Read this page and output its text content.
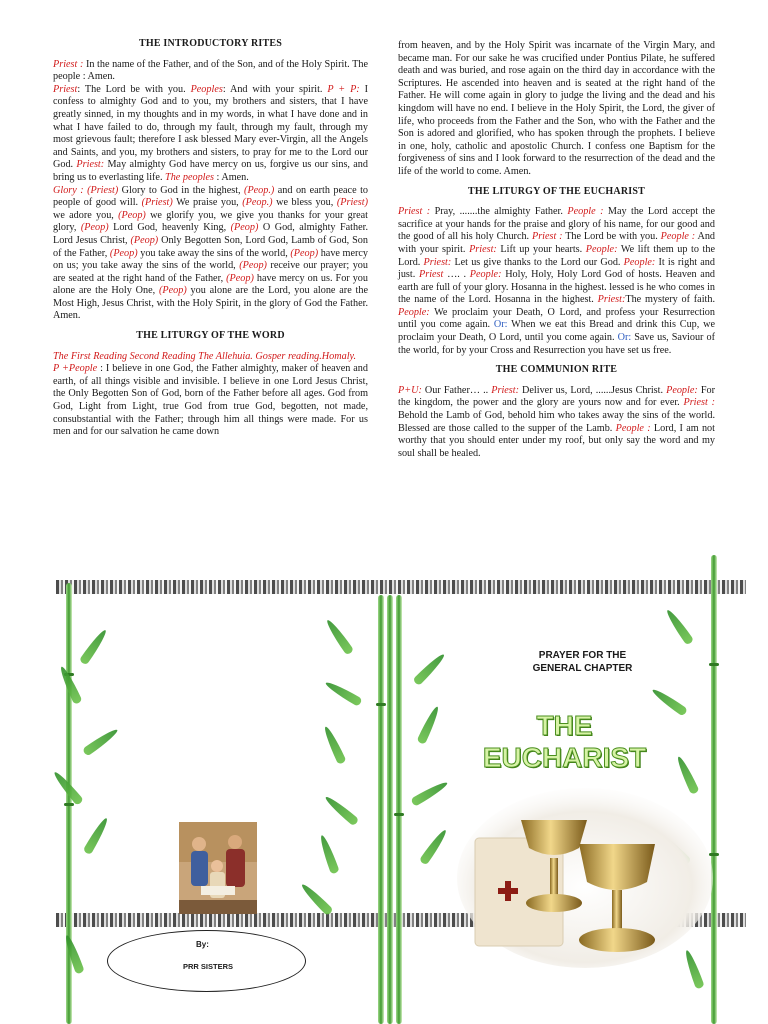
THE INTRODUCTORY RITES

Priest : In the name of the Father, and of the Son, and of the Holy Spirit. The people : Amen.

Priest: The Lord be with you. Peoples: And with your spirit. P + P: I confess to almighty God and to you, my brothers and sisters, that I have greatly sinned, in my thoughts and in my words, in what I have done and in what I have failed to do, through my fault, through my fault, through my most grievous fault; therefore I ask blessed Mary ever-Virgin, all the Angels and Saints, and you, my brothers and sisters, to pray for me to the Lord our God. Priest: May almighty God have mercy on us, forgive us our sins, and bring us to everlasting life. The peoples : Amen.

Glory : (Priest) Glory to God in the highest, (Peop.) and on earth peace to people of good will. (Priest) We praise you, (Peop.) we bless you, (Priest) we adore you, (Peop) we glorify you, we give you thanks for your great glory, (Peop) Lord God, heavenly King, (Peop) O God, almighty Father. Lord Jesus Christ, (Peop) Only Begotten Son, Lord God, Lamb of God, Son of the Father, (Peop) you take away the sins of the world, (Peop) have mercy on us; you take away the sins of the world, (Peop) receive our prayer; you are seated at the right hand of the Father, (Peop) have mercy on us. For you alone are the Holy One, (Peop) you alone are the Lord, you alone are the Most High, Jesus Christ, with the Holy Spirit, in the glory of God the Father. Amen.

THE LITURGY OF THE WORD

The First Reading Second Reading The Allehuia. Gosper reading.Homaly.

P +People : I believe in one God, the Father almighty, maker of heaven and earth, of all things visible and invisible. I believe in one Lord Jesus Christ, the Only Begotten Son of God, born of the Father before all ages. God from God, Light from Light, true God from true God, begotten, not made, consubstantial with the Father; through him all things were made. For us men and for our salvation he came down

from heaven, and by the Holy Spirit was incarnate of the Virgin Mary, and became man. For our sake he was crucified under Pontius Pilate, he suffered death and was buried, and rose again on the third day in accordance with the Scriptures. He ascended into heaven and is seated at the right hand of the Father. He will come again in glory to judge the living and the dead and his kingdom will have no end. I believe in the Holy Spirit, the Lord, the giver of life, who proceeds from the Father and the Son, who with the Father and the Son is adored and glorified, who has spoken through the prophets. I believe in one, holy, catholic and apostolic Church. I confess one Baptism for the forgiveness of sins and I look forward to the resurrection of the dead and the life of the world to come. Amen.

THE LITURGY OF THE EUCHARIST

Priest : Pray, .......the almighty Father. People : May the Lord accept the sacrifice at your hands for the praise and glory of his name, for our good and the good of all his holy Church. Priest : The Lord be with you. People : And with your spirit. Priest: Lift up your hearts. People: We lift them up to the Lord. Priest: Let us give thanks to the Lord our God. People: It is right and just. Priest …. . People: Holy, Holy, Holy Lord God of hosts. Heaven and earth are full of your glory. Hosanna in the highest. lessed is he who comes in the name of the Lord. Hosanna in the highest. Priest:The mystery of faith. People: We proclaim your Death, O Lord, and profess your Resurrection until you come again. Or: When we eat this Bread and drink this Cup, we proclaim your Death, O Lord, until you come again. Or: Save us, Saviour of the world, for by your Cross and Resurrection you have set us free.

THE COMMUNION RITE

P+U: Our Father… .. Priest: Deliver us, Lord, ......Jesus Christ. People: For the kingdom, the power and the glory are yours now and for ever. Priest : Behold the Lamb of God, behold him who takes away the sins of the world. Blessed are those called to the supper of the Lamb. People : Lord, I am not worthy that you should enter under my roof, but only say the word and my soul shall be healed.

PRAYER FOR THE
GENERAL CHAPTER
THE EUCHARIST
By:
PRR SISTERS
